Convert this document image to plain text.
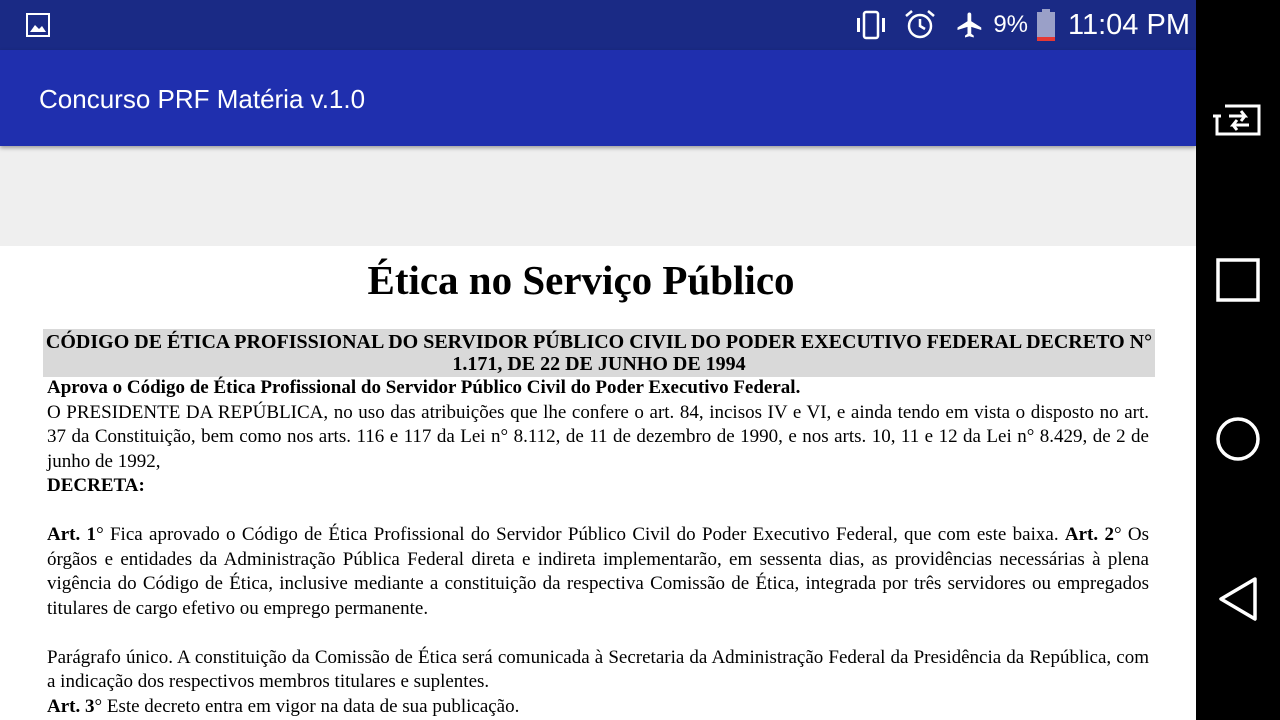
9% 11:04 PM
Concurso PRF Matéria v.1.0
Ética no Serviço Público
CÓDIGO DE ÉTICA PROFISSIONAL DO SERVIDOR PÚBLICO CIVIL DO PODER EXECUTIVO FEDERAL DECRETO N° 1.171, DE 22 DE JUNHO DE 1994

Aprova o Código de Ética Profissional do Servidor Público Civil do Poder Executivo Federal.

O PRESIDENTE DA REPÚBLICA, no uso das atribuições que lhe confere o art. 84, incisos IV e VI, e ainda tendo em vista o disposto no art. 37 da Constituição, bem como nos arts. 116 e 117 da Lei n° 8.112, de 11 de dezembro de 1990, e nos arts. 10, 11 e 12 da Lei n° 8.429, de 2 de junho de 1992,

DECRETA:

Art. 1° Fica aprovado o Código de Ética Profissional do Servidor Público Civil do Poder Executivo Federal, que com este baixa. Art. 2° Os órgãos e entidades da Administração Pública Federal direta e indireta implementarão, em sessenta dias, as providências necessárias à plena vigência do Código de Ética, inclusive mediante a constituição da respectiva Comissão de Ética, integrada por três servidores ou empregados titulares de cargo efetivo ou emprego permanente.

Parágrafo único. A constituição da Comissão de Ética será comunicada à Secretaria da Administração Federal da Presidência da República, com a indicação dos respectivos membros titulares e suplentes.

Art. 3° Este decreto entra em vigor na data de sua publicação.
